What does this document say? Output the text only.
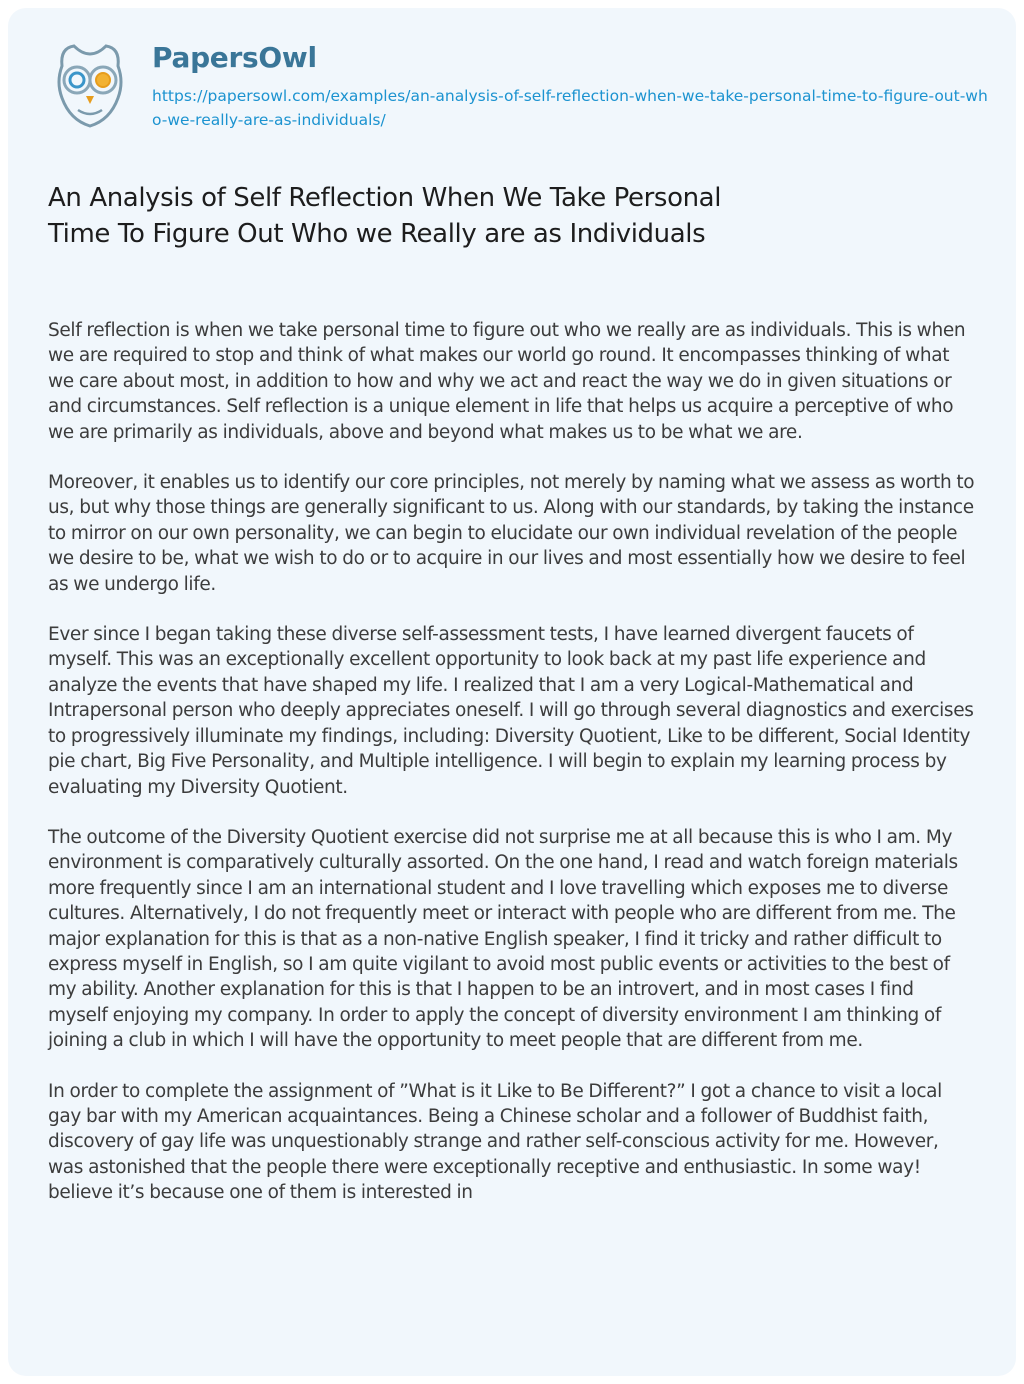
PapersOwl
https://papersowl.com/examples/an-analysis-of-self-reflection-when-we-take-personal-time-to-figure-out-who-we-really-are-as-individuals/
An Analysis of Self Reflection When We Take Personal Time To Figure Out Who we Really are as Individuals

Self reflection is when we take personal time to figure out who we really are as individuals. This is when we are required to stop and think of what makes our world go round. It encompasses thinking of what we care about most, in addition to how and why we act and react the way we do in given situations or and circumstances. Self reflection is a unique element in life that helps us acquire a perceptive of who we are primarily as individuals, above and beyond what makes us to be what we are.

Moreover, it enables us to identify our core principles, not merely by naming what we assess as worth to us, but why those things are generally significant to us. Along with our standards, by taking the instance to mirror on our own personality, we can begin to elucidate our own individual revelation of the people we desire to be, what we wish to do or to acquire in our lives and most essentially how we desire to feel as we undergo life.

Ever since I began taking these diverse self-assessment tests, I have learned divergent faucets of myself. This was an exceptionally excellent opportunity to look back at my past life experience and analyze the events that have shaped my life. I realized that I am a very Logical-Mathematical and Intrapersonal person who deeply appreciates oneself. I will go through several diagnostics and exercises to progressively illuminate my findings, including: Diversity Quotient, Like to be different, Social Identity pie chart, Big Five Personality, and Multiple intelligence. I will begin to explain my learning process by evaluating my Diversity Quotient.

The outcome of the Diversity Quotient exercise did not surprise me at all because this is who I am. My environment is comparatively culturally assorted. On the one hand, I read and watch foreign materials more frequently since I am an international student and I love travelling which exposes me to diverse cultures. Alternatively, I do not frequently meet or interact with people who are different from me. The major explanation for this is that as a non-native English speaker, I find it tricky and rather difficult to express myself in English, so I am quite vigilant to avoid most public events or activities to the best of my ability. Another explanation for this is that I happen to be an introvert, and in most cases I find myself enjoying my company. In order to apply the concept of diversity environment I am thinking of joining a club in which I will have the opportunity to meet people that are different from me.

In order to complete the assignment of ”What is it Like to Be Different?” I got a chance to visit a local gay bar with my American acquaintances. Being a Chinese scholar and a follower of Buddhist faith, discovery of gay life was unquestionably strange and rather self-conscious activity for me. However, was astonished that the people there were exceptionally receptive and enthusiastic. In some way! believe it’s because one of them is interested in
